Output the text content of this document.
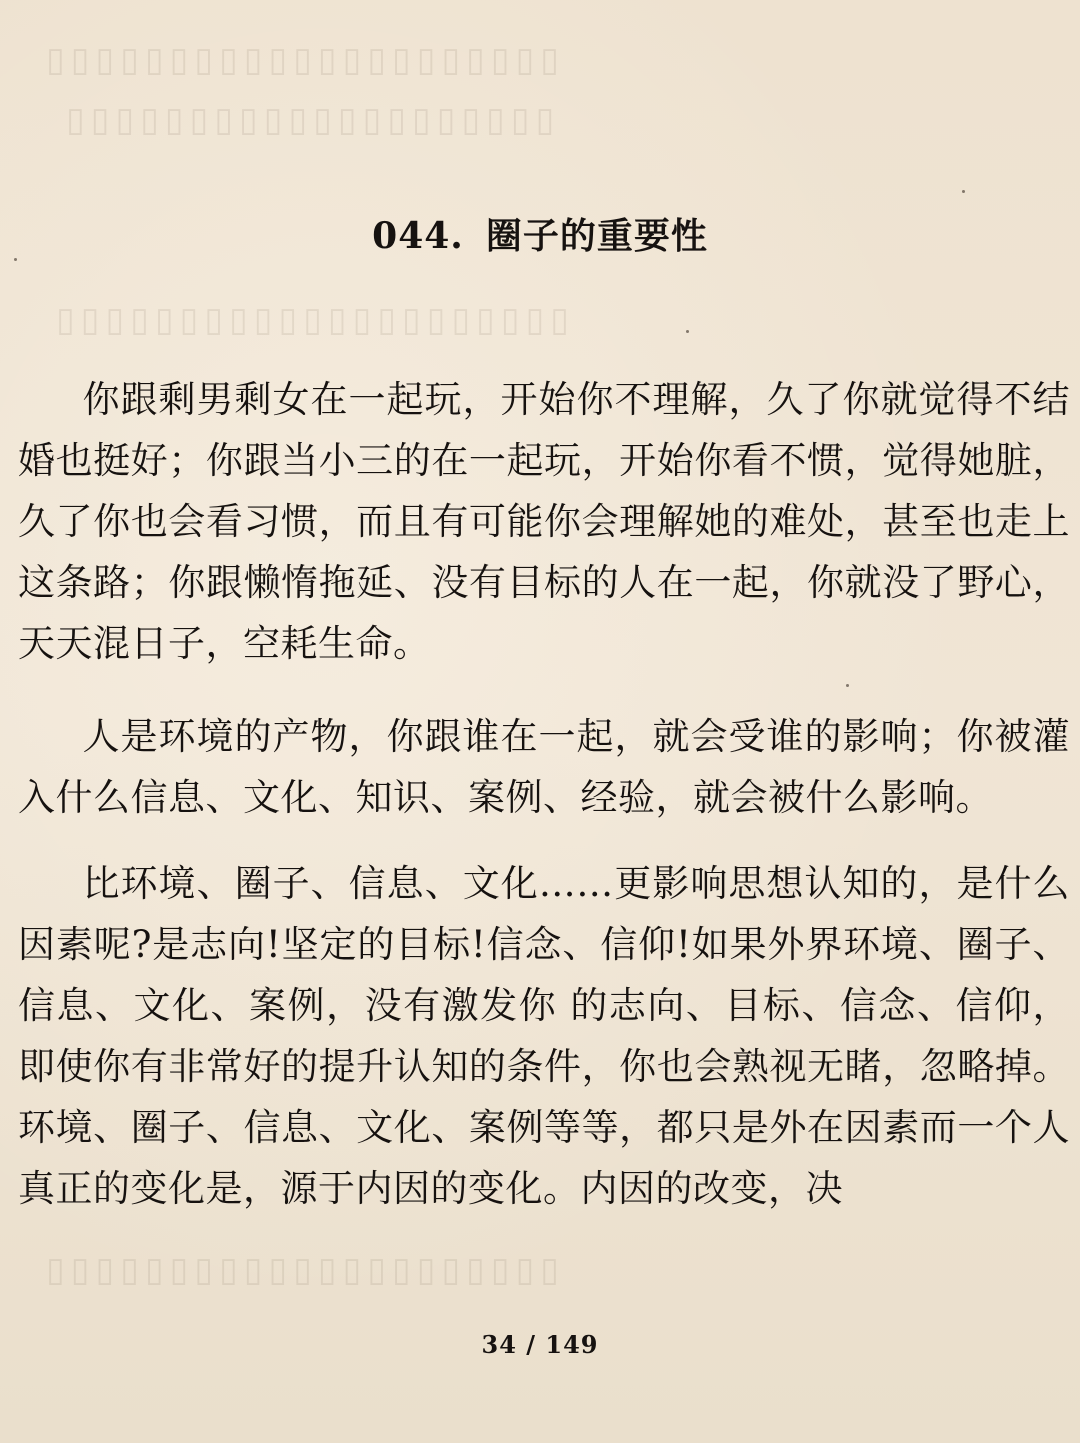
▯▯▯▯▯▯▯▯▯▯▯▯▯▯▯▯▯▯▯▯▯
▯▯▯▯▯▯▯▯▯▯▯▯▯▯▯▯▯▯▯▯
▯▯▯▯▯▯▯▯▯▯▯▯▯▯▯▯▯▯▯▯▯
▯▯▯▯▯▯▯▯▯▯▯▯▯▯▯▯▯▯▯▯▯
044. 圈子的重要性
你跟剩男剩女在一起玩，开始你不理解，久了你就觉得不结婚也挺好；你跟当小三的在一起玩，开始你看不惯，觉得她脏，久了你也会看习惯，而且有可能你会理解她的难处，甚至也走上这条路；你跟懒惰拖延、没有目标的人在一起，你就没了野心，天天混日子，空耗生命。
人是环境的产物，你跟谁在一起，就会受谁的影响；你被灌入什么信息、文化、知识、案例、经验，就会被什么影响。
比环境、圈子、信息、文化……更影响思想认知的，是什么因素呢?是志向!坚定的目标!信念、信仰!如果外界环境、圈子、信息、文化、案例，没有激发你 的志向、目标、信念、信仰，即使你有非常好的提升认知的条件，你也会熟视无睹，忽略掉。环境、圈子、信息、文化、案例等等，都只是外在因素而一个人真正的变化是，源于内因的变化。内因的改变，决
34 / 149
